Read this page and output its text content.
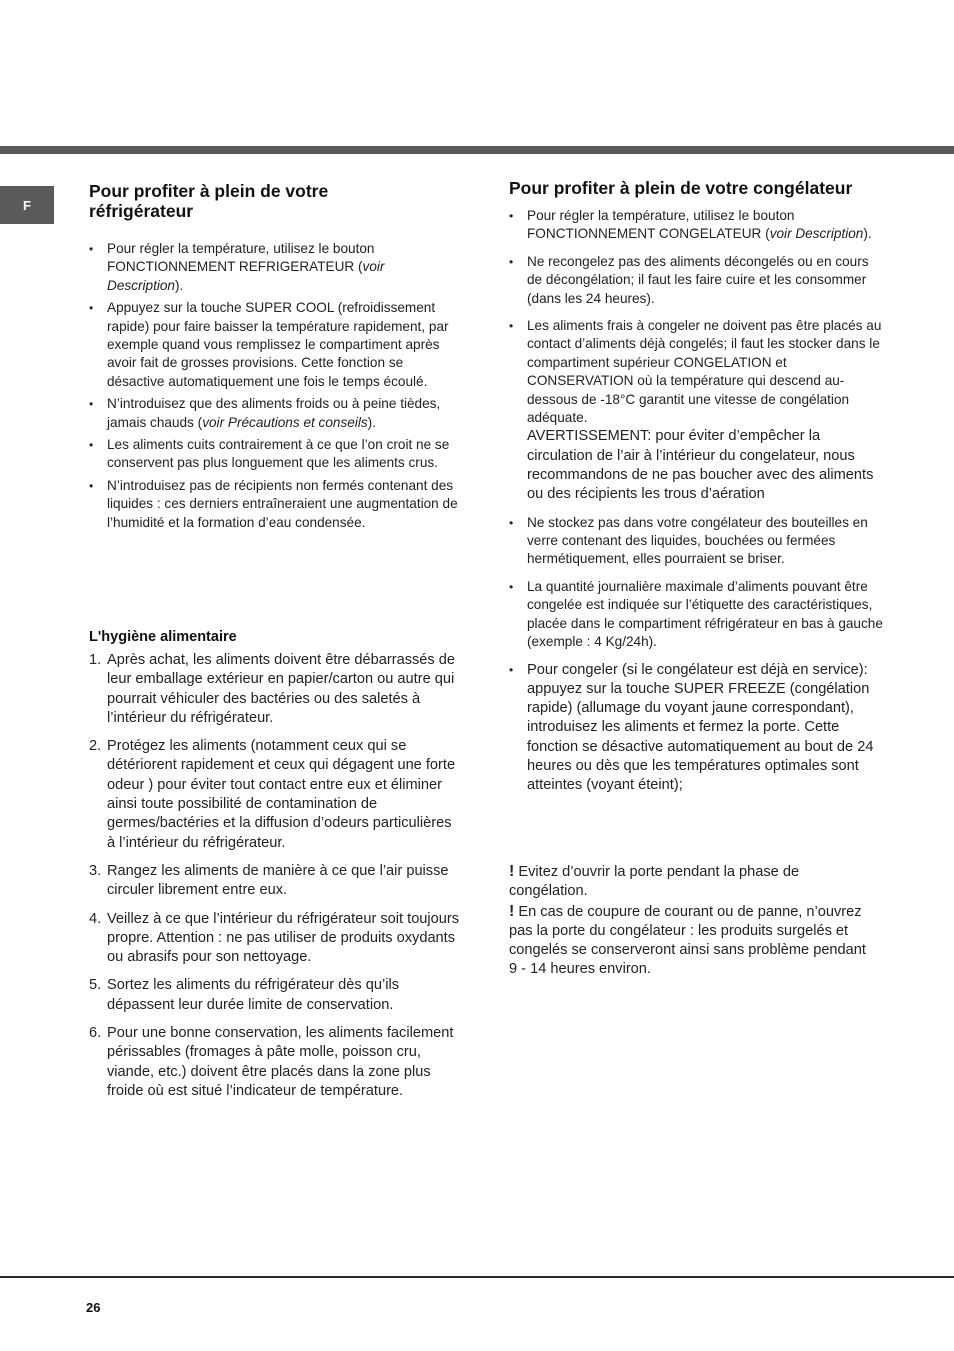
F
Pour profiter à plein de votre réfrigérateur
• Pour régler la température, utilisez le bouton FONCTIONNEMENT REFRIGERATEUR (voir Description).
• Appuyez sur la touche SUPER COOL (refroidissement rapide) pour faire baisser la température rapidement, par exemple quand vous remplissez le compartiment après avoir fait de grosses provisions. Cette fonction se désactive automatiquement une fois le temps écoulé.
• N’introduisez que des aliments froids ou à peine tièdes, jamais chauds (voir Précautions et conseils).
• Les aliments cuits contrairement à ce que l’on croit ne se conservent pas plus longuement que les aliments crus.
• N’introduisez pas de récipients non fermés contenant des liquides : ces derniers entraîneraient une augmentation de l’humidité et la formation d’eau condensée.
L'hygiène alimentaire
1. Après achat, les aliments doivent être débarrassés de leur emballage extérieur en papier/carton ou autre qui pourrait véhiculer des bactéries ou des saletés à l’intérieur du réfrigérateur.
2. Protégez les aliments (notamment ceux qui se détériorent rapidement et ceux qui dégagent une forte odeur ) pour éviter tout contact entre eux et éliminer ainsi toute possibilité de contamination de germes/bactéries et la diffusion d’odeurs particulières à l’intérieur du réfrigérateur.
3. Rangez les aliments de manière à ce que l’air puisse circuler librement entre eux.
4. Veillez à ce que l’intérieur du réfrigérateur soit toujours propre. Attention : ne pas utiliser de produits oxydants ou abrasifs pour son nettoyage.
5. Sortez les aliments du réfrigérateur dès qu’ils dépassent leur durée limite de conservation.
6. Pour une bonne conservation, les aliments facilement périssables (fromages à pâte molle, poisson cru, viande, etc.) doivent être placés dans la zone plus froide où est situé l’indicateur de température.
Pour profiter à plein de votre congélateur
• Pour régler la température, utilisez le bouton FONCTIONNEMENT CONGELATEUR (voir Description).
• Ne recongelez pas des aliments décongelés ou en cours de décongélation; il faut les faire cuire et les consommer (dans les 24 heures).
• Les aliments frais à congeler ne doivent pas être placés au contact d’aliments déjà congelés; il faut les stocker dans le compartiment supérieur CONGELATION et CONSERVATION où la température qui descend au-dessous de -18°C garantit une vitesse de congélation adéquate.
AVERTISSEMENT: pour éviter d’empêcher la circulation de l’air à l’intérieur du congelateur, nous recommandons de ne pas boucher avec des aliments ou des récipients les trous d’aération
• Ne stockez pas dans votre congélateur des bouteilles en verre contenant des liquides, bouchées ou fermées hermétiquement, elles pourraient se briser.
• La quantité journalière maximale d’aliments pouvant être congelée est indiquée sur l’étiquette des caractéristiques, placée dans le compartiment réfrigérateur en bas à gauche (exemple : 4 Kg/24h).
• Pour congeler (si le congélateur est déjà en service):
appuyez sur la touche SUPER FREEZE (congélation rapide) (allumage du voyant jaune correspondant), introduisez les aliments et fermez la porte. Cette fonction se désactive automatiquement au bout de 24 heures ou dès que les températures optimales sont atteintes (voyant éteint);

! Evitez d’ouvrir la porte pendant la phase de congélation.

! En cas de coupure de courant ou de panne, n’ouvrez pas la porte du congélateur : les produits surgelés et congelés se conserveront ainsi sans problème pendant 9 - 14 heures environ.

26
